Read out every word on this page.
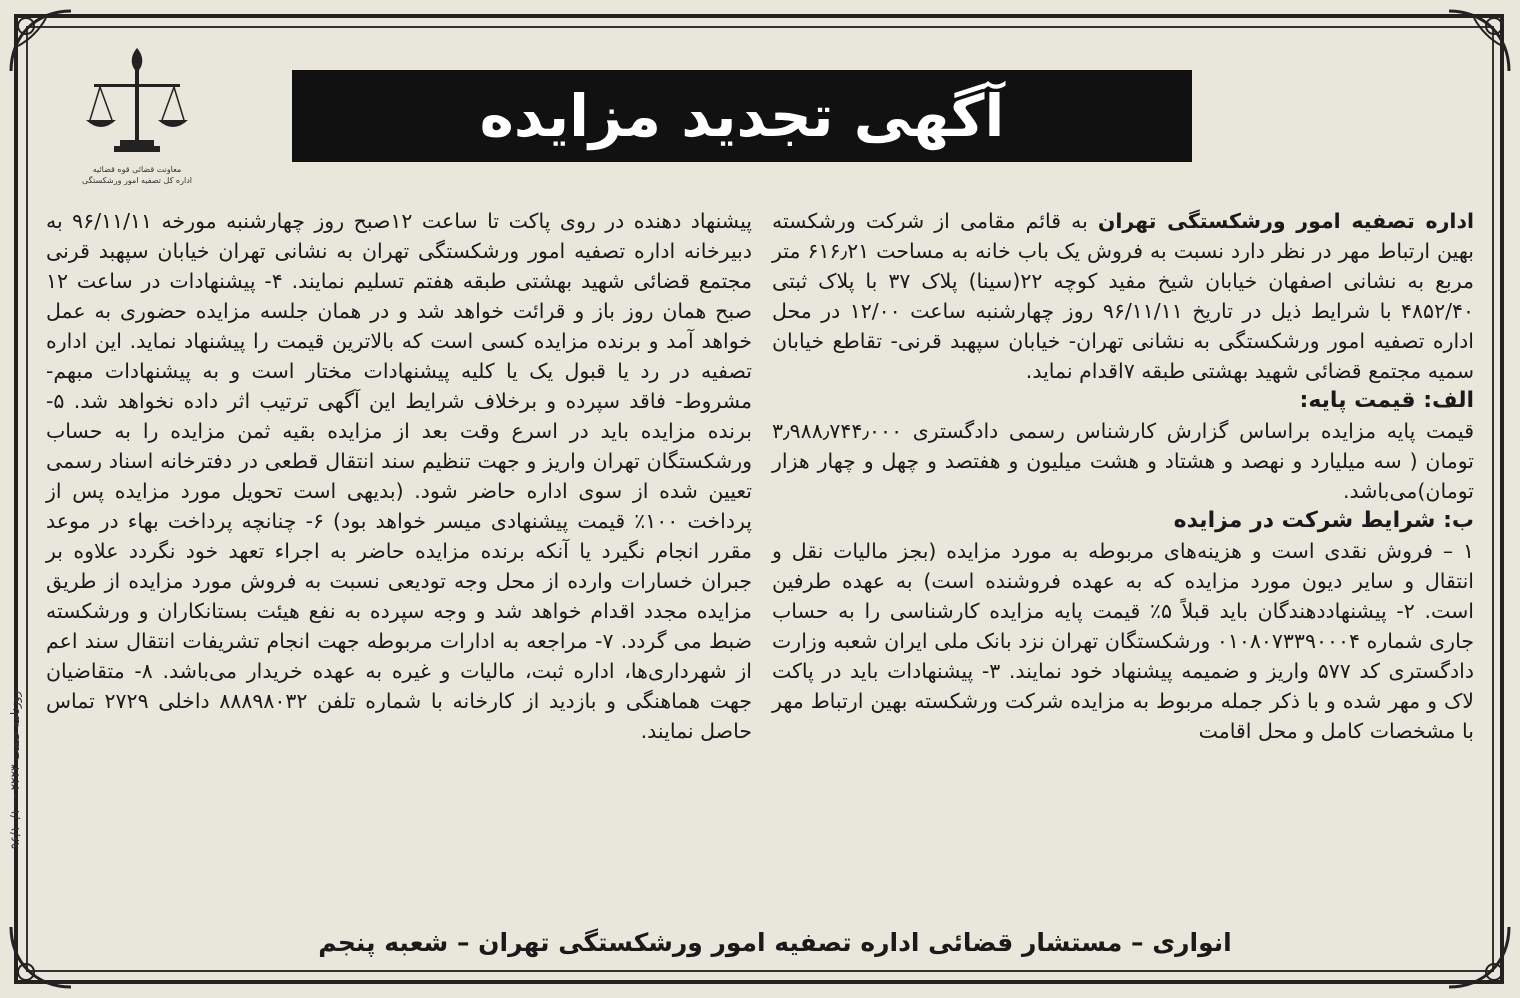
معاونت قضائی قوه قضائیه
اداره کل تصفیه امور ورشکستگی
آگهی تجدید مزایده

اداره تصفیه امور ورشکستگی تهران به قائم مقامی از شرکت ورشکسته بهین ارتباط مهر در نظر دارد نسبت به فروش یک باب خانه به مساحت ۶۱۶٫۲۱ متر مربع به نشانی اصفهان خیابان شیخ مفید کوچه ۲۲(سینا) پلاک ۳۷ با پلاک ثبتی ۴۸۵۲/۴۰ با شرایط ذیل در تاریخ ۹۶/۱۱/۱۱ روز چهارشنبه ساعت ۱۲/۰۰ در محل اداره تصفیه امور ورشکستگی به نشانی تهران- خیابان سپهبد قرنی- تقاطع خیابان سمیه مجتمع قضائی شهید بهشتی طبقه ۷اقدام نماید.

الف: قیمت پایه:

قیمت پایه مزایده براساس گزارش کارشناس رسمی دادگستری ۳٫۹۸۸٫۷۴۴٫۰۰۰ تومان ( سه میلیارد و نهصد و هشتاد و هشت میلیون و هفتصد و چهل و چهار هزار تومان)می‌باشد.

ب: شرایط شرکت در مزایده

۱ – فروش نقدی است و هزینه‌های مربوطه به مورد مزایده (بجز مالیات نقل و انتقال و سایر دیون مورد مزایده که به عهده فروشنده است) به عهده طرفین است. ۲- پیشنهاددهندگان باید قبلاً ۵٪ قیمت پایه مزایده کارشناسی را به حساب جاری شماره ۰۱۰۸۰۷۳۳۹۰۰۰۴ ورشکستگان تهران نزد بانک ملی ایران شعبه وزارت دادگستری کد ۵۷۷ واریز و ضمیمه پیشنهاد خود نمایند. ۳- پیشنهادات باید در پاکت لاک و مهر شده و با ذکر جمله مربوط به مزایده شرکت ورشکسته بهین ارتباط مهر با مشخصات کامل و محل اقامت

پیشنهاد دهنده در روی پاکت تا ساعت ۱۲صبح روز چهارشنبه مورخه ۹۶/۱۱/۱۱ به دبیرخانه اداره تصفیه امور ورشکستگی تهران به نشانی تهران خیابان سپهبد قرنی مجتمع قضائی شهید بهشتی طبقه هفتم تسلیم نمایند. ۴- پیشنهادات در ساعت ۱۲ صبح همان روز باز و قرائت خواهد شد و در همان جلسه مزایده حضوری به عمل خواهد آمد و برنده مزایده کسی است که بالاترین قیمت را پیشنهاد نماید. این اداره تصفیه در رد یا قبول یک یا کلیه پیشنهادات مختار است و به پیشنهادات مبهم- مشروط- فاقد سپرده و برخلاف شرایط این آگهی ترتیب اثر داده نخواهد شد. ۵- برنده مزایده باید در اسرع وقت بعد از مزایده بقیه ثمن مزایده را به حساب ورشکستگان تهران واریز و جهت تنظیم سند انتقال قطعی در دفترخانه اسناد رسمی تعیین شده از سوی اداره حاضر شود. (بدیهی است تحویل مورد مزایده پس از پرداخت ۱۰۰٪ قیمت پیشنهادی میسر خواهد بود) ۶- چنانچه پرداخت بهاء در موعد مقرر انجام نگیرد یا آنکه برنده مزایده حاضر به اجراء تعهد خود نگردد علاوه بر جبران خسارات وارده از محل وجه تودیعی نسبت به فروش مورد مزایده از طریق مزایده مجدد اقدام خواهد شد و وجه سپرده به نفع هیئت بستانکاران و ورشکسته ضبط می گردد. ۷- مراجعه به ادارات مربوطه جهت انجام تشریفات انتقال سند اعم از شهرداری‌ها، اداره ثبت، مالیات و غیره به عهده خریدار می‌باشد. ۸- متقاضیان جهت هماهنگی و بازدید از کارخانه با شماره تلفن ۸۸۸۹۸۰۳۲ داخلی ۲۷۲۹ تماس حاصل نمایند.

انواری – مستشار قضائی اداره تصفیه امور ورشکستگی تهران – شعبه پنجم
روزنامه صمت ۲۲۲۳ - ۹۶/۱۰/۱۰
